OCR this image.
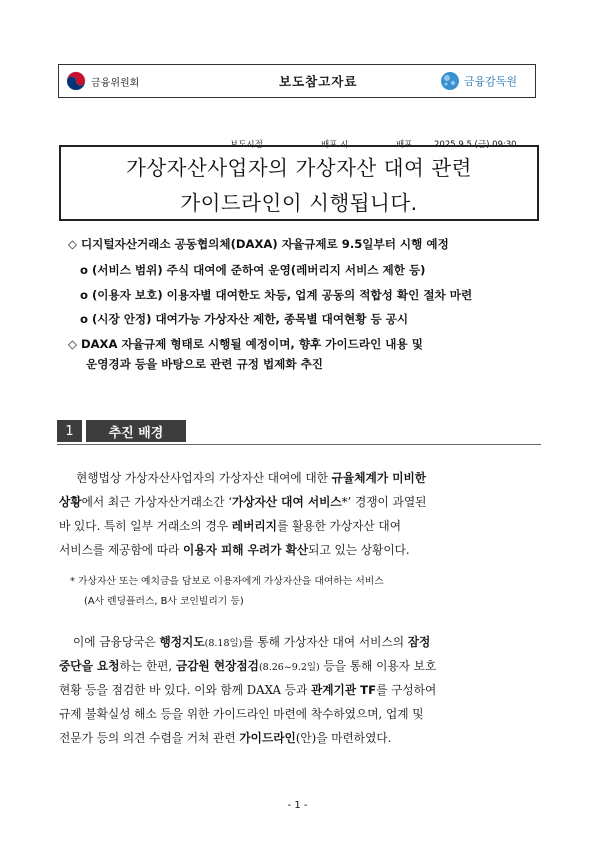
금융위원회	보도참고자료	금융감독원
보도시점	배포 시	배포	2025.9.5.(금) 09:30
가상자산사업자의 가상자산 대여 관련
가이드라인이 시행됩니다.
◇ 디지털자산거래소 공동협의체(DAXA) 자율규제로 9.5일부터 시행 예정
o (서비스 범위) 주식 대여에 준하여 운영(레버리지 서비스 제한 등)
o (이용자 보호) 이용자별 대여한도 차등, 업계 공동의 적합성 확인 절차 마련
o (시장 안정) 대여가능 가상자산 제한, 종목별 대여현황 등 공시
◇ DAXA 자율규제 형태로 시행될 예정이며, 향후 가이드라인 내용 및
운영경과 등을 바탕으로 관련 규정 법제화 추진
1	추진 배경
현행법상 가상자산사업자의 가상자산 대여에 대한 규율체계가 미비한
상황에서 최근 가상자산거래소간 ‘가상자산 대여 서비스*’ 경쟁이 과열된
바 있다. 특히 일부 거래소의 경우 레버리지를 활용한 가상자산 대여
서비스를 제공함에 따라 이용자 피해 우려가 확산되고 있는 상황이다.
* 가상자산 또는 예치금을 담보로 이용자에게 가상자산을 대여하는 서비스
(A사 렌딩플러스, B사 코인빌리기 등)
이에 금융당국은 행정지도(8.18일)를 통해 가상자산 대여 서비스의 잠정
중단을 요청하는 한편, 금감원 현장점검(8.26~9.2일) 등을 통해 이용자 보호
현황 등을 점검한 바 있다. 이와 함께 DAXA 등과 관계기관 TF를 구성하여
규제 불확실성 해소 등을 위한 가이드라인 마련에 착수하였으며, 업계 및
전문가 등의 의견 수렴을 거쳐 관련 가이드라인(안)을 마련하였다.
- 1 -
